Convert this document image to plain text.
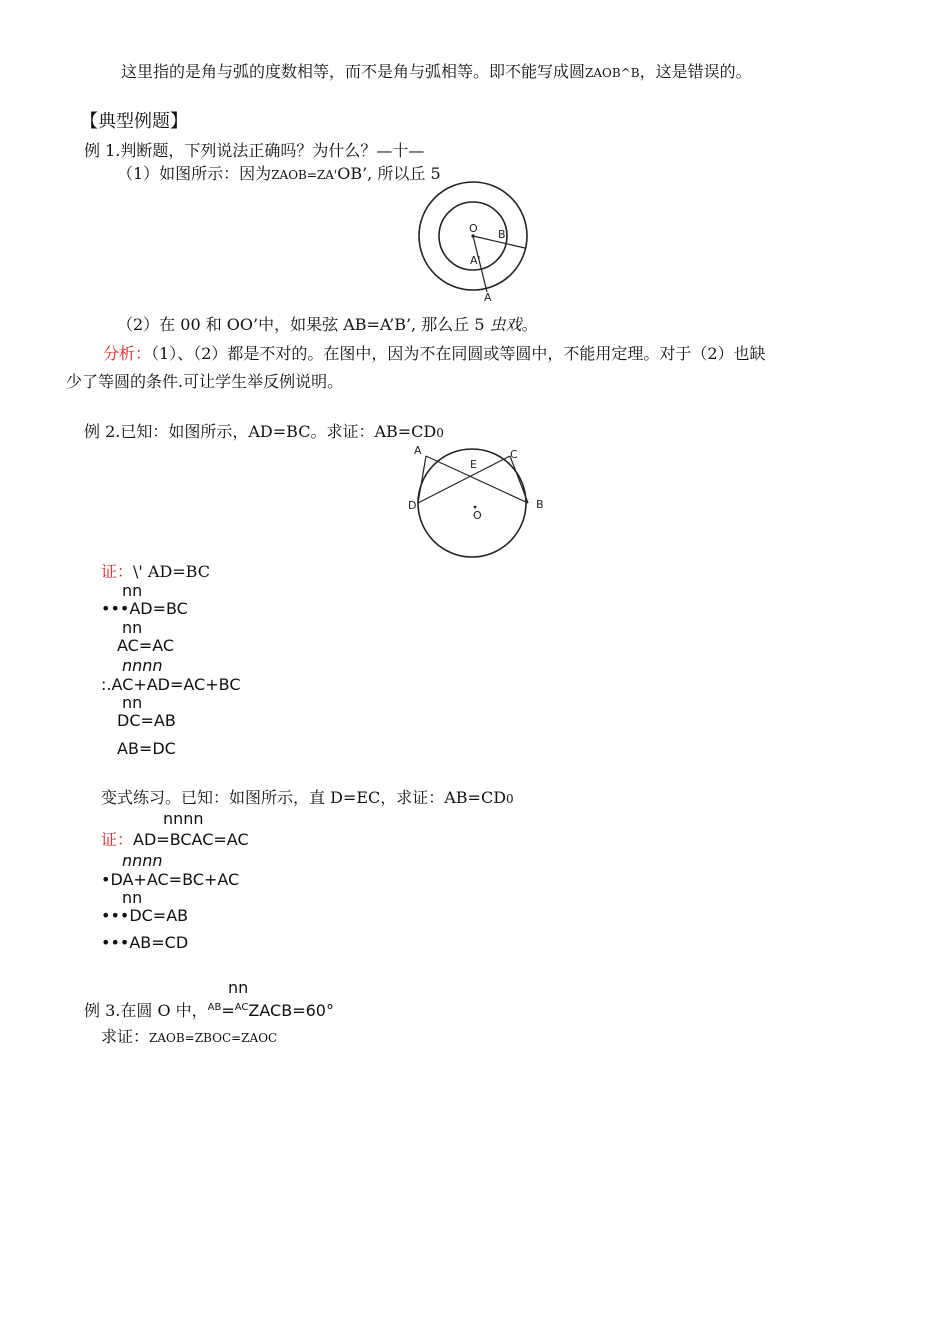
这里指的是角与弧的度数相等，而不是角与弧相等。即不能写成圆ZAOB^B，这是错误的。
【典型例题】
例 1.判断题，下列说法正确吗？为什么？—十—
（1）如图所示：因为ZAOB=ZA'OB’, 所以丘 5
O B'
A'
A
（2）在 00 和 OO’中，如果弦 AB=A’B’, 那么丘 5 虫戏。
分析：（1）、（2）都是不对的。在图中，因为不在同圆或等圆中，不能用定理。对于（2）也缺
少了等圆的条件.可让学生举反例说明。
例 2.已知：如图所示，AD=BC。求证：AB=CD0
A	C
E
D
O
B
证：\' AD=BC
nn
•••AD=BC
nn
AC=AC
nnnn
:.AC+AD=AC+BC
nn
DC=AB
AB=DC
变式练习。已知：如图所示，直 D=EC，求证：AB=CD0
nnnn
证：AD=BCAC=AC
nnnn
•DA+AC=BC+AC
nn
•••DC=AB
•••AB=CD
nn
例 3.在圆 O 中，$^{AB}$=$^{AC}$ZACB=60°
求证：ZAOB=ZBOC=ZAOC
